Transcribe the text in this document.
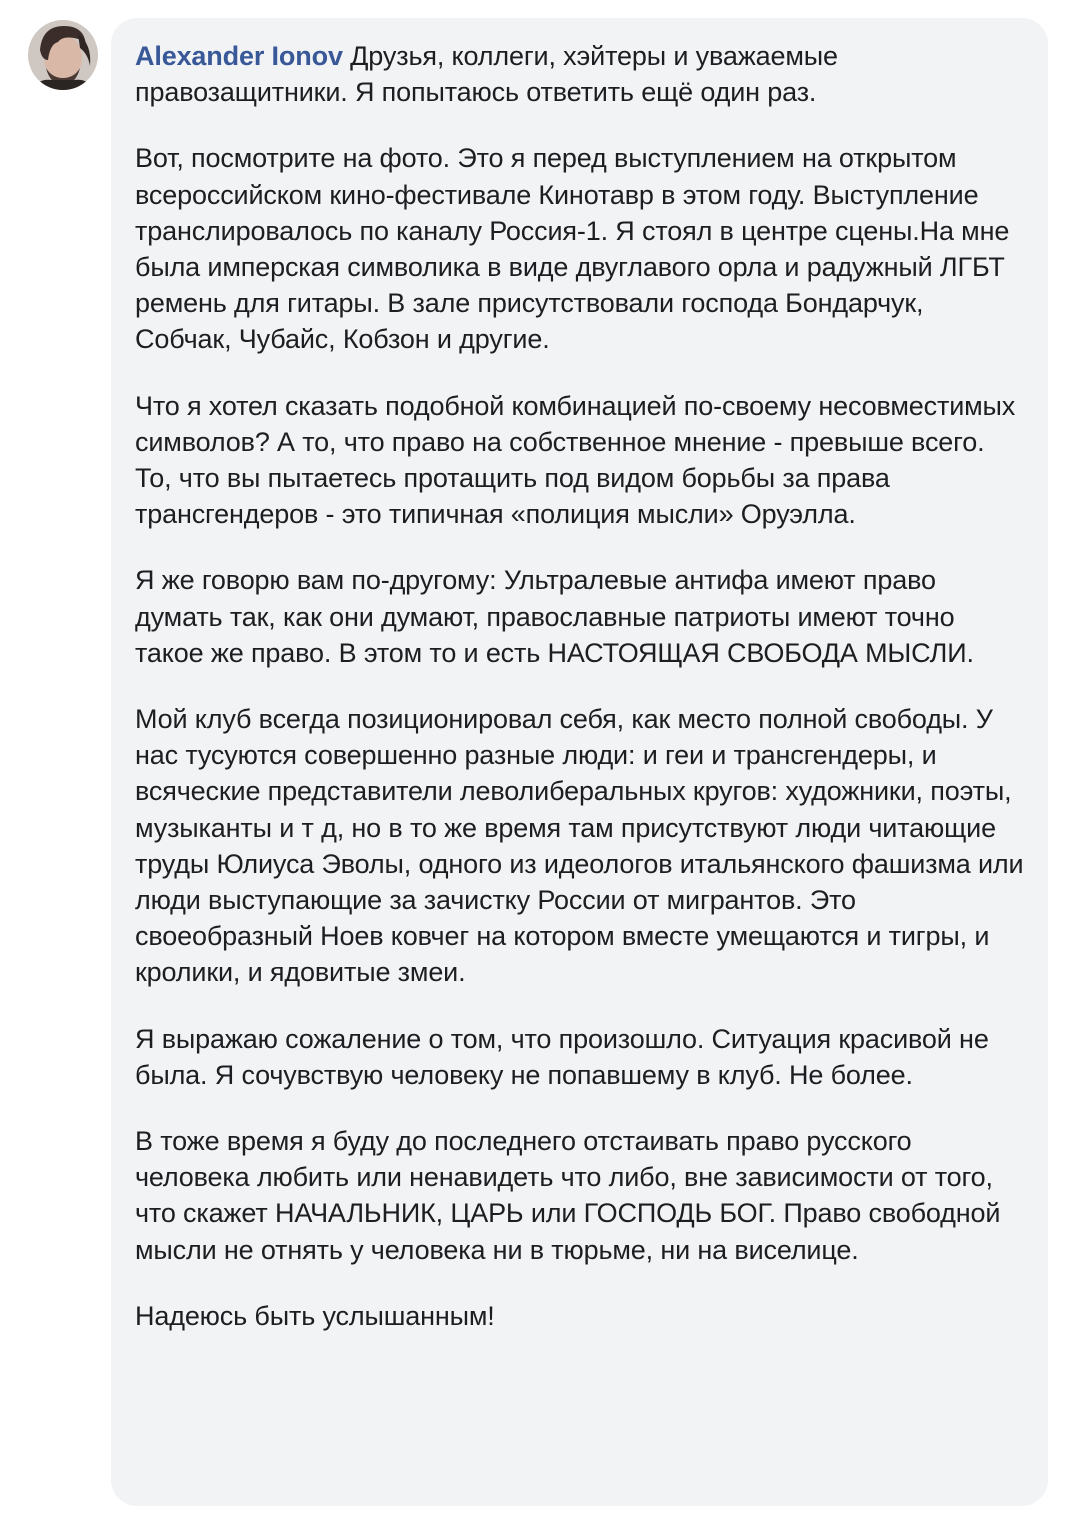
Alexander Ionov Друзья, коллеги, хэйтеры и уважаемые правозащитники. Я попытаюсь ответить ещё один раз.

Вот, посмотрите на фото. Это я перед выступлением на открытом всероссийском кино-фестивале Кинотавр в этом году. Выступление транслировалось по каналу Россия-1. Я стоял в центре сцены.На мне была имперская символика в виде двуглавого орла и радужный ЛГБТ ремень для гитары. В зале присутствовали господа Бондарчук, Собчак, Чубайс, Кобзон и другие.

Что я хотел сказать подобной комбинацией по-своему несовместимых символов? А то, что право на собственное мнение - превыше всего. То, что вы пытаетесь протащить под видом борьбы за права трансгендеров - это типичная «полиция мысли» Оруэлла.

Я же говорю вам по-другому: Ультралевые антифа имеют право думать так, как они думают, православные патриоты имеют точно такое же право. В этом то и есть НАСТОЯЩАЯ СВОБОДА МЫСЛИ.

Мой клуб всегда позиционировал себя, как место полной свободы. У нас тусуются совершенно разные люди: и геи и трансгендеры, и всяческие представители леволиберальных кругов: художники, поэты, музыканты и т д, но в то же время там присутствуют люди читающие труды Юлиуса Эволы, одного из идеологов итальянского фашизма или люди выступающие за зачистку России от мигрантов. Это своеобразный Ноев ковчег на котором вместе умещаются и тигры, и кролики, и ядовитые змеи.

Я выражаю сожаление о том, что произошло. Ситуация красивой не была. Я сочувствую человеку не попавшему в клуб. Не более.

В тоже время я буду до последнего отстаивать право русского человека любить или ненавидеть что либо, вне зависимости от того, что скажет НАЧАЛЬНИК, ЦАРЬ или ГОСПОДЬ БОГ. Право свободной мысли не отнять у человека ни в тюрьме, ни на виселице.

Надеюсь быть услышанным!
